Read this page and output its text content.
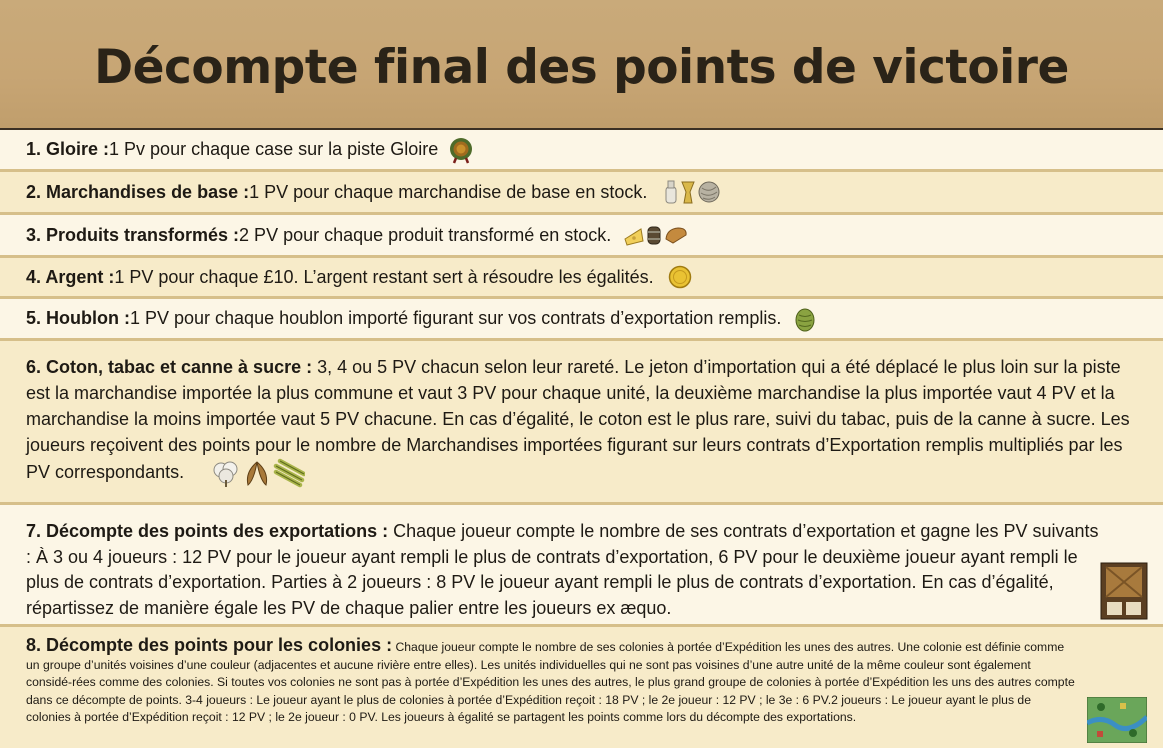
Décompte final des points de victoire
1. Gloire : 1 Pv pour chaque case sur la piste Gloire
2. Marchandises de base : 1 PV pour chaque marchandise de base en stock.
3. Produits transformés : 2 PV pour chaque produit transformé en stock.
4. Argent : 1 PV pour chaque £10. L’argent restant sert à résoudre les égalités.
5. Houblon : 1 PV pour chaque houblon importé figurant sur vos contrats d’exportation remplis.
6. Coton, tabac et canne à sucre : 3, 4 ou 5 PV chacun selon leur rareté. Le jeton d’importation qui a été déplacé le plus loin sur la piste est la marchandise importée la plus commune et vaut 3 PV pour chaque unité, la deuxième marchandise la plus importée vaut 4 PV et la marchandise la moins importée vaut 5 PV chacune. En cas d’égalité, le coton est le plus rare, suivi du tabac, puis de la canne à sucre. Les joueurs reçoivent des points pour le nombre de Marchandises importées figurant sur leurs contrats d’Exportation remplis multipliés par les PV correspondants.
7. Décompte des points des exportations : Chaque joueur compte le nombre de ses contrats d’exportation et gagne les PV suivants : À 3 ou 4 joueurs : 12 PV pour le joueur ayant rempli le plus de contrats d’exportation, 6 PV pour le deuxième joueur ayant rempli le plus de contrats d’exportation. Parties à 2 joueurs : 8 PV le joueur ayant rempli le plus de contrats d’exportation. En cas d’égalité, répartissez de manière égale les PV de chaque palier entre les joueurs ex æquo.
8. Décompte des points pour les colonies : Chaque joueur compte le nombre de ses colonies à portée d’Expédition les unes des autres. Une colonie est définie comme un groupe d’unités voisines d’une couleur (adjacentes et aucune rivière entre elles). Les unités individuelles qui ne sont pas voisines d’une autre unité de la même couleur sont également considé-rées comme des colonies. Si toutes vos colonies ne sont pas à portée d’Expédition les unes des autres, le plus grand groupe de colonies à portée d’Expédition les uns des autres compte dans ce décompte de points. 3-4 joueurs : Le joueur ayant le plus de colonies à portée d’Expédition reçoit : 18 PV ; le 2e joueur : 12 PV ; le 3e : 6 PV.2 joueurs : Le joueur ayant le plus de colonies à portée d’Expédition reçoit : 12 PV ; le 2e joueur : 0 PV. Les joueurs à égalité se partagent les points comme lors du décompte des exportations.
